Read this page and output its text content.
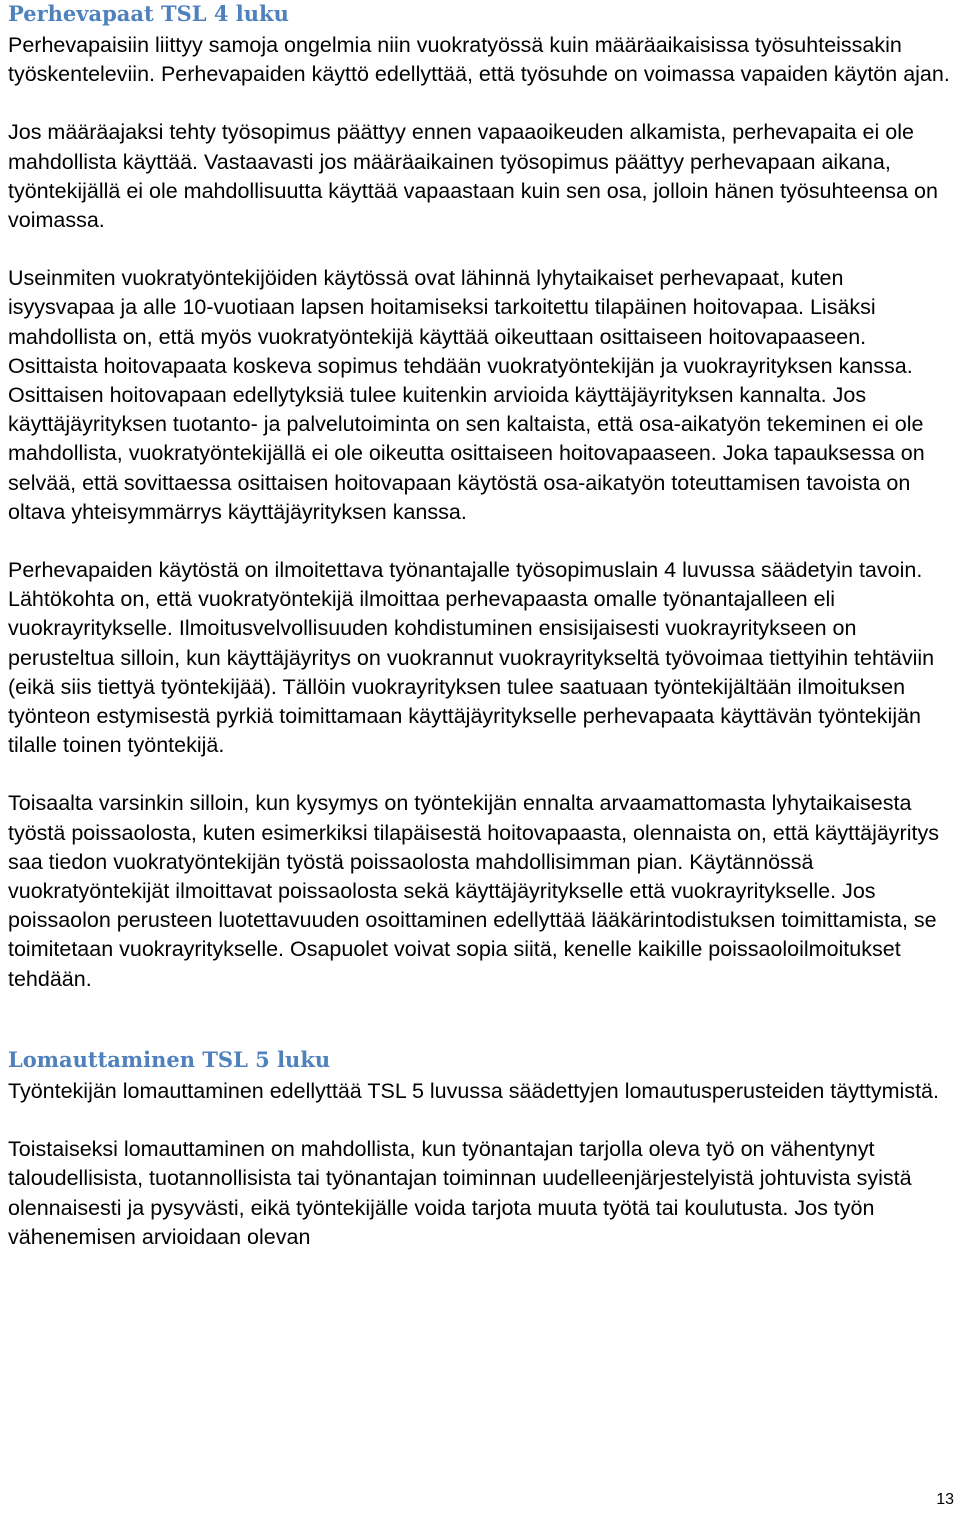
Perhevapaat TSL 4 luku

Perhevapaisiin liittyy samoja ongelmia niin vuokratyössä kuin määräaikaisissa työsuhteissakin työskenteleviin. Perhevapaiden käyttö edellyttää, että työsuhde on voimassa vapaiden käytön ajan.

Jos määräajaksi tehty työsopimus päättyy ennen vapaaoikeuden alkamista, perhevapaita ei ole mahdollista käyttää. Vastaavasti jos määräaikainen työsopimus päättyy perhevapaan aikana, työntekijällä ei ole mahdollisuutta käyttää vapaastaan kuin sen osa, jolloin hänen työsuhteensa on voimassa.

Useinmiten vuokratyöntekijöiden käytössä ovat lähinnä lyhytaikaiset perhevapaat, kuten isyysvapaa ja alle 10-vuotiaan lapsen hoitamiseksi tarkoitettu tilapäinen hoitovapaa. Lisäksi mahdollista on, että myös vuokratyöntekijä käyttää oikeuttaan osittaiseen hoitovapaaseen.

Osittaista hoitovapaata koskeva sopimus tehdään vuokratyöntekijän ja vuokrayrityksen kanssa. Osittaisen hoitovapaan edellytyksiä tulee kuitenkin arvioida käyttäjäyrityksen kannalta. Jos käyttäjäyrityksen tuotanto- ja palvelutoiminta on sen kaltaista, että osa-aikatyön tekeminen ei ole mahdollista, vuokratyöntekijällä ei ole oikeutta osittaiseen hoitovapaaseen. Joka tapauksessa on selvää, että sovittaessa osittaisen hoitovapaan käytöstä osa-aikatyön toteuttamisen tavoista on oltava yhteisymmärrys käyttäjäyrityksen kanssa.

Perhevapaiden käytöstä on ilmoitettava työnantajalle työsopimuslain 4 luvussa säädetyin tavoin. Lähtökohta on, että vuokratyöntekijä ilmoittaa perhevapaasta omalle työnantajalleen eli vuokrayritykselle. Ilmoitusvelvollisuuden kohdistuminen ensisijaisesti vuokrayritykseen on perusteltua silloin, kun käyttäjäyritys on vuokrannut vuokrayritykseltä työvoimaa tiettyihin tehtäviin (eikä siis tiettyä työntekijää). Tällöin vuokrayrityksen tulee saatuaan työntekijältään ilmoituksen työnteon estymisestä pyrkiä toimittamaan käyttäjäyritykselle perhevapaata käyttävän työntekijän tilalle toinen työntekijä.

Toisaalta varsinkin silloin, kun kysymys on työntekijän ennalta arvaamattomasta lyhytaikaisesta työstä poissaolosta, kuten esimerkiksi tilapäisestä hoitovapaasta, olennaista on, että käyttäjäyritys saa tiedon vuokratyöntekijän työstä poissaolosta mahdollisimman pian. Käytännössä vuokratyöntekijät ilmoittavat poissaolosta sekä käyttäjäyritykselle että vuokrayritykselle. Jos poissaolon perusteen luotettavuuden osoittaminen edellyttää lääkärintodistuksen toimittamista, se toimitetaan vuokrayritykselle. Osapuolet voivat sopia siitä, kenelle kaikille poissaoloilmoitukset tehdään.

Lomauttaminen TSL 5 luku

Työntekijän lomauttaminen edellyttää TSL 5 luvussa säädettyjen lomautusperusteiden täyttymistä.

Toistaiseksi lomauttaminen on mahdollista, kun työnantajan tarjolla oleva työ on vähentynyt taloudellisista, tuotannollisista tai työnantajan toiminnan uudelleenjärjestelyistä johtuvista syistä olennaisesti ja pysyvästi, eikä työntekijälle voida tarjota muuta työtä tai koulutusta. Jos työn vähenemisen arvioidaan olevan

13
